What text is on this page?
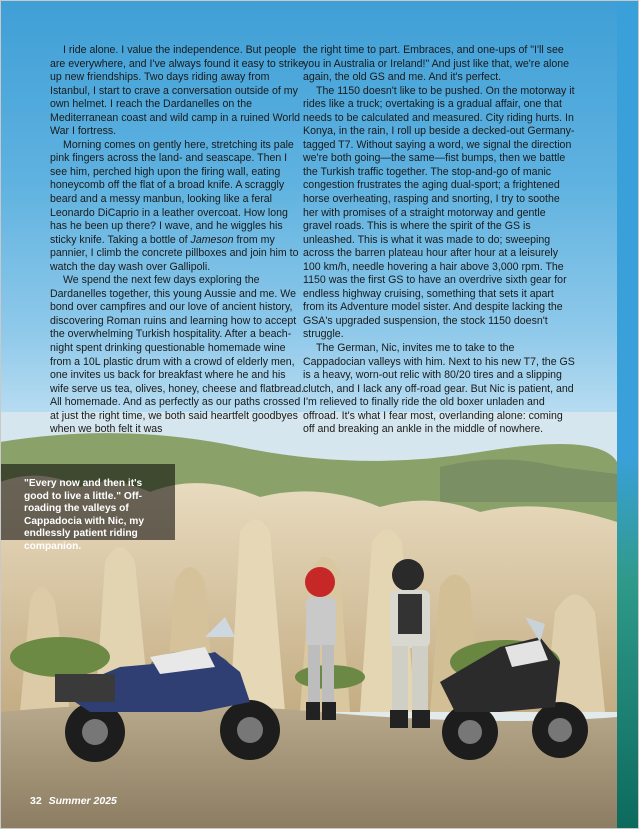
I ride alone. I value the independence. But people are everywhere, and I've always found it easy to strike up new friendships. Two days riding away from Istanbul, I start to crave a conversation outside of my own helmet. I reach the Dardanelles on the Mediterranean coast and wild camp in a ruined World War I fortress.

Morning comes on gently here, stretching its pale pink fingers across the land- and seascape. Then I see him, perched high upon the firing wall, eating honeycomb off the flat of a broad knife. A scraggly beard and a messy manbun, looking like a feral Leonardo DiCaprio in a leather overcoat. How long has he been up there? I wave, and he wiggles his sticky knife. Taking a bottle of Jameson from my pannier, I climb the concrete pillboxes and join him to watch the day wash over Gallipoli.

We spend the next few days exploring the Dardanelles together, this young Aussie and me. We bond over campfires and our love of ancient history, discovering Roman ruins and learning how to accept the overwhelming Turkish hospitality. After a beach-night spent drinking questionable homemade wine from a 10L plastic drum with a crowd of elderly men, one invites us back for breakfast where he and his wife serve us tea, olives, honey, cheese and flatbread. All homemade. And as perfectly as our paths crossed at just the right time, we both said heartfelt goodbyes when we both felt it was

the right time to part. Embraces, and one-ups of "I'll see you in Australia or Ireland!" And just like that, we're alone again, the old GS and me. And it's perfect.

The 1150 doesn't like to be pushed. On the motorway it rides like a truck; overtaking is a gradual affair, one that needs to be calculated and measured. City riding hurts. In Konya, in the rain, I roll up beside a decked-out Germany-tagged T7. Without saying a word, we signal the direction we're both going—the same—fist bumps, then we battle the Turkish traffic together. The stop-and-go of manic congestion frustrates the aging dual-sport; a frightened horse overheating, rasping and snorting, I try to soothe her with promises of a straight motorway and gentle gravel roads. This is where the spirit of the GS is unleashed. This is what it was made to do; sweeping across the barren plateau hour after hour at a leisurely 100 km/h, needle hovering a hair above 3,000 rpm. The 1150 was the first GS to have an overdrive sixth gear for endless highway cruising, something that sets it apart from its Adventure model sister. And despite lacking the GSA's upgraded suspension, the stock 1150 doesn't struggle.

The German, Nic, invites me to take to the Cappadocian valleys with him. Next to his new T7, the GS is a heavy, worn-out relic with 80/20 tires and a slipping clutch, and I lack any off-road gear. But Nic is patient, and I'm relieved to finally ride the old boxer unladen and offroad. It's what I fear most, overlanding alone: coming off and breaking an ankle in the middle of nowhere.

"Every now and then it's good to live a little." Off-roading the valleys of Cappadocia with Nic, my endlessly patient riding companion.
32 Summer 2025
